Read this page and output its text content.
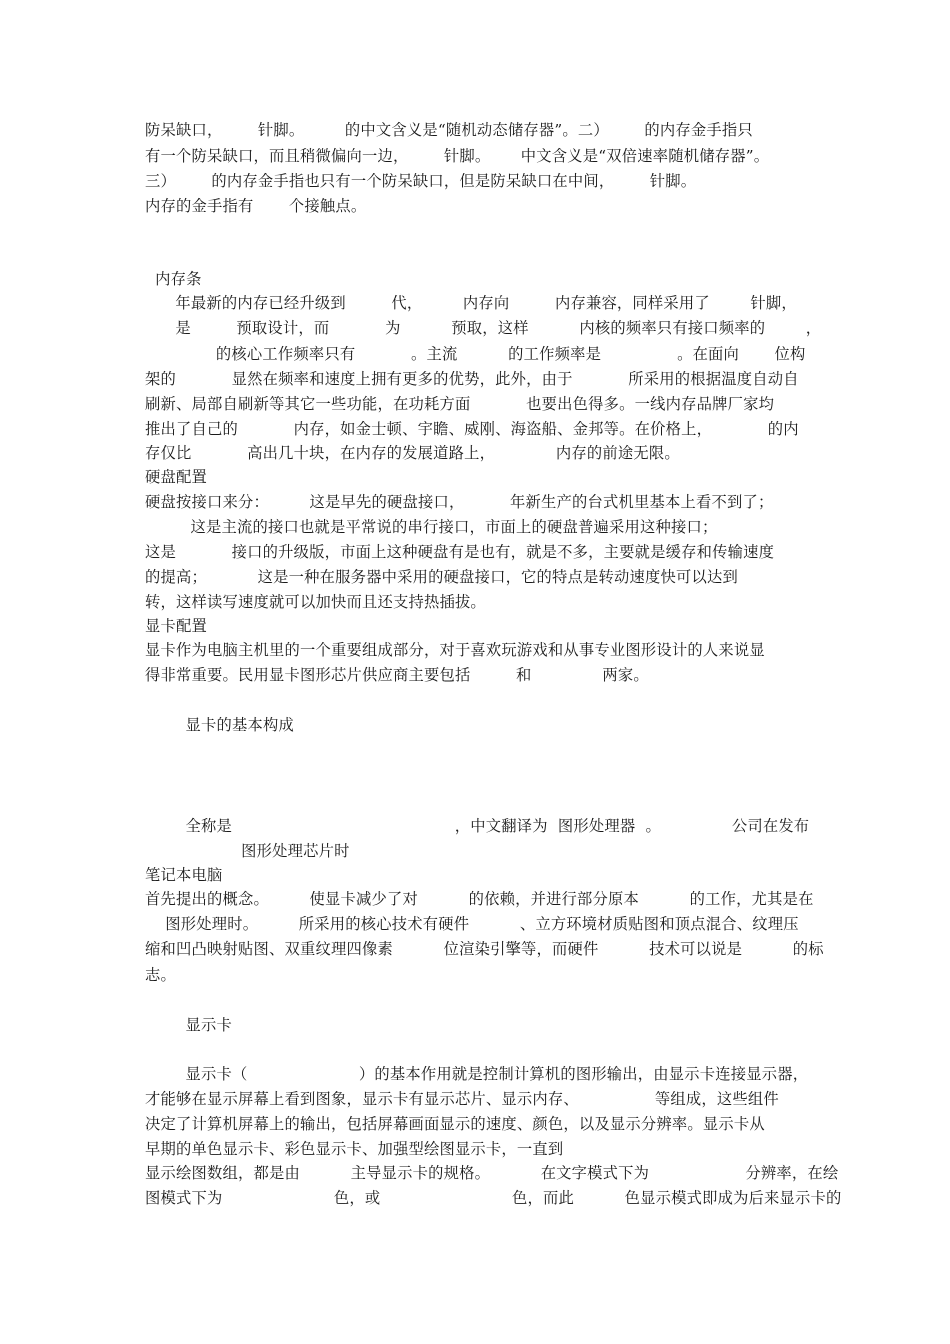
防呆缺口，       针脚。        的中文含义是“随机动态储存器”。二）       的内存金手指只
有一个防呆缺口，而且稍微偏向一边，       针脚。      中文含义是“双倍速率随机储存器”。
三）       的内存金手指也只有一个防呆缺口，但是防呆缺口在中间，       针脚。
内存的金手指有       个接触点。
内存条
年最新的内存已经升级到         代，        内存向         内存兼容，同样采用了        针脚，
是         预取设计，而           为          预取，这样          内核的频率只有接口频率的        ，
的核心工作频率只有           。主流          的工作频率是               。在面向       位构
架的           显然在频率和速度上拥有更多的优势，此外，由于           所采用的根据温度自动自
刷新、局部自刷新等其它一些功能，在功耗方面           也要出色得多。一线内存品牌厂家均
推出了自己的           内存，如金士顿、宇瞻、威刚、海盗船、金邦等。在价格上，           的内
存仅比           高出几十块，在内存的发展道路上，            内存的前途无限。
硬盘配置
硬盘按接口来分：        这是早先的硬盘接口，         年新生产的台式机里基本上看不到了；
这是主流的接口也就是平常说的串行接口，市面上的硬盘普遍采用这种接口；
这是           接口的升级版，市面上这种硬盘有是也有，就是不多，主要就是缓存和传输速度
的提高；          这是一种在服务器中采用的硬盘接口，它的特点是转动速度快可以达到
转，这样读写速度就可以加快而且还支持热插拔。
显卡配置
显卡作为电脑主机里的一个重要组成部分，对于喜欢玩游戏和从事专业图形设计的人来说显
得非常重要。民用显卡图形芯片供应商主要包括         和              两家。
显卡的基本构成
全称是                                            ，中文翻译为  图形处理器  。              公司在发布
图形处理芯片时
笔记本电脑
首先提出的概念。        使显卡减少了对          的依赖，并进行部分原本          的工作，尤其是在
图形处理时。        所采用的核心技术有硬件          、立方环境材质贴图和顶点混合、纹理压
缩和凹凸映射贴图、双重纹理四像素          位渲染引擎等，而硬件          技术可以说是          的标
志。
显示卡
显示卡（                      ）的基本作用就是控制计算机的图形输出，由显示卡连接显示器，
才能够在显示屏幕上看到图象，显示卡有显示芯片、显示内存、               等组成，这些组件
决定了计算机屏幕上的输出，包括屏幕画面显示的速度、颜色，以及显示分辨率。显示卡从
早期的单色显示卡、彩色显示卡、加强型绘图显示卡，一直到
显示绘图数组，都是由          主导显示卡的规格。          在文字模式下为                   分辨率，在绘
图模式下为                      色，或                          色，而此          色显示模式即成为后来显示卡的
